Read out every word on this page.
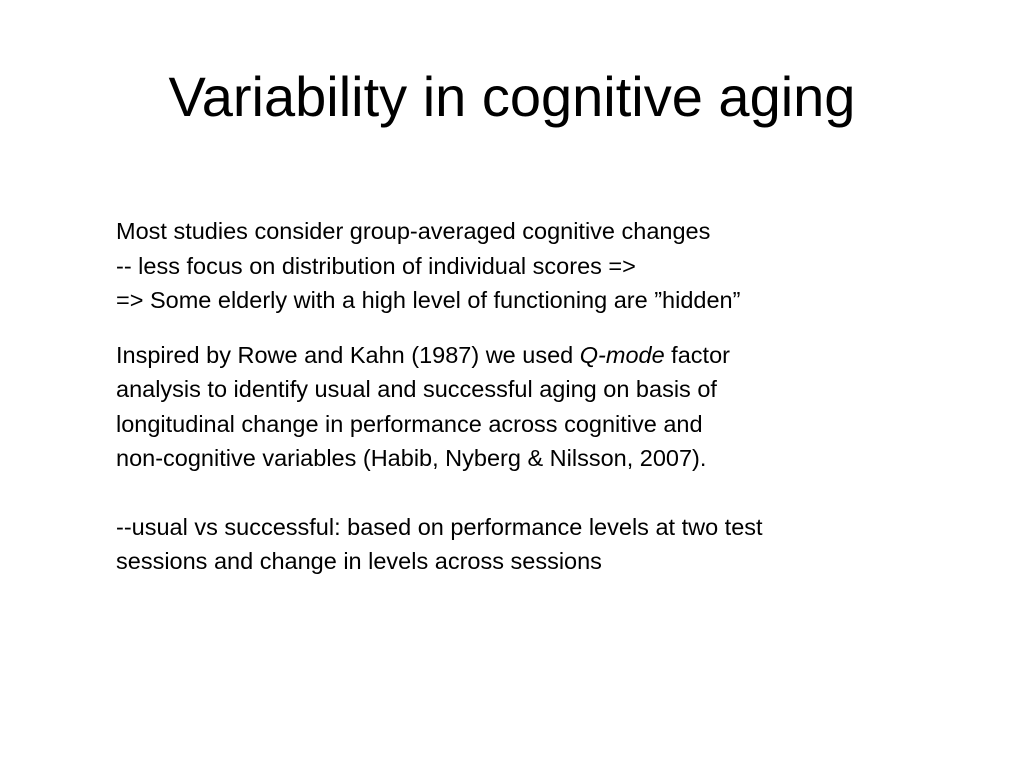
Variability in cognitive aging

Most studies consider group-averaged cognitive changes
-- less focus on distribution of individual scores =>
=> Some elderly with a high level of functioning are ”hidden”

Inspired by Rowe and Kahn (1987) we used Q-mode factor
analysis to identify usual and successful aging on basis of
longitudinal change in performance across cognitive and
non-cognitive variables (Habib, Nyberg & Nilsson, 2007).

--usual vs successful: based on performance levels at two test
sessions and change in levels across sessions
